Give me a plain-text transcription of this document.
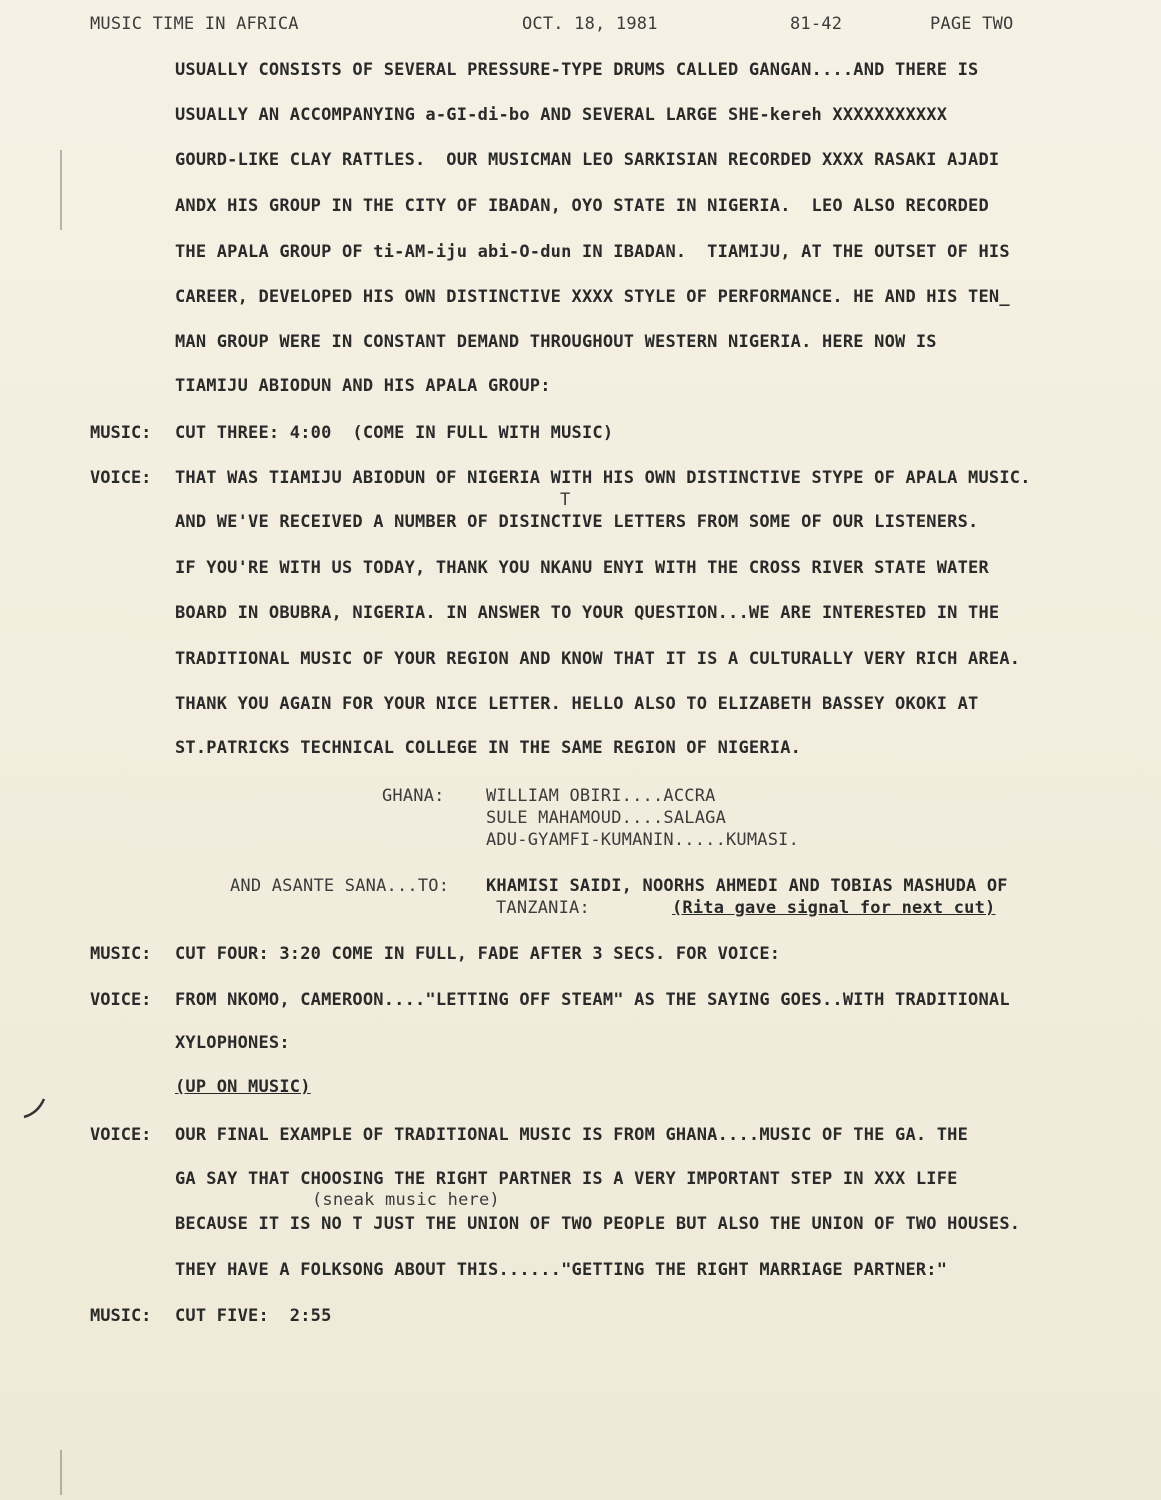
MUSIC TIME IN AFRICA	OCT. 18, 1981	81-42	PAGE TWO
USUALLY CONSISTS OF SEVERAL PRESSURE-TYPE DRUMS CALLED GANGAN....AND THERE IS
USUALLY AN ACCOMPANYING a-GI-di-bo AND SEVERAL LARGE SHE-kereh XXXXXXXXXXX
GOURD-LIKE CLAY RATTLES.  OUR MUSICMAN LEO SARKISIAN RECORDED XXXX RASAKI AJADI
ANDX HIS GROUP IN THE CITY OF IBADAN, OYO STATE IN NIGERIA.  LEO ALSO RECORDED
THE APALA GROUP OF ti-AM-iju abi-O-dun IN IBADAN.  TIAMIJU, AT THE OUTSET OF HIS
CAREER, DEVELOPED HIS OWN DISTINCTIVE XXXX STYLE OF PERFORMANCE. HE AND HIS TEN_
MAN GROUP WERE IN CONSTANT DEMAND THROUGHOUT WESTERN NIGERIA. HERE NOW IS
TIAMIJU ABIODUN AND HIS APALA GROUP:
MUSIC: CUT THREE: 4:00  (COME IN FULL WITH MUSIC)
VOICE: THAT WAS TIAMIJU ABIODUN OF NIGERIA WITH HIS OWN DISTINCTIVE STYPE OF APALA MUSIC.
T
AND WE'VE RECEIVED A NUMBER OF DISINCTIVE LETTERS FROM SOME OF OUR LISTENERS.
IF YOU'RE WITH US TODAY, THANK YOU NKANU ENYI WITH THE CROSS RIVER STATE WATER
BOARD IN OBUBRA, NIGERIA. IN ANSWER TO YOUR QUESTION...WE ARE INTERESTED IN THE
TRADITIONAL MUSIC OF YOUR REGION AND KNOW THAT IT IS A CULTURALLY VERY RICH AREA.
THANK YOU AGAIN FOR YOUR NICE LETTER. HELLO ALSO TO ELIZABETH BASSEY OKOKI AT
ST.PATRICKS TECHNICAL COLLEGE IN THE SAME REGION OF NIGERIA.
GHANA: WILLIAM OBIRI....ACCRA
SULE MAHAMOUD....SALAGA
ADU-GYAMFI-KUMANIN.....KUMASI.
AND ASANTE SANA...TO: KHAMISI SAIDI, NOORHS AHMEDI AND TOBIAS MASHUDA OF
TANZANIA:	(Rita gave signal for next cut)
MUSIC: CUT FOUR: 3:20 COME IN FULL, FADE AFTER 3 SECS. FOR VOICE:
VOICE: FROM NKOMO, CAMEROON...."LETTING OFF STEAM" AS THE SAYING GOES..WITH TRADITIONAL
XYLOPHONES:
(UP ON MUSIC)
VOICE: OUR FINAL EXAMPLE OF TRADITIONAL MUSIC IS FROM GHANA....MUSIC OF THE GA. THE
GA SAY THAT CHOOSING THE RIGHT PARTNER IS A VERY IMPORTANT STEP IN XXX LIFE
(sneak music here)
BECAUSE IT IS NO T JUST THE UNION OF TWO PEOPLE BUT ALSO THE UNION OF TWO HOUSES.
THEY HAVE A FOLKSONG ABOUT THIS......"GETTING THE RIGHT MARRIAGE PARTNER:"
MUSIC: CUT FIVE:  2:55
